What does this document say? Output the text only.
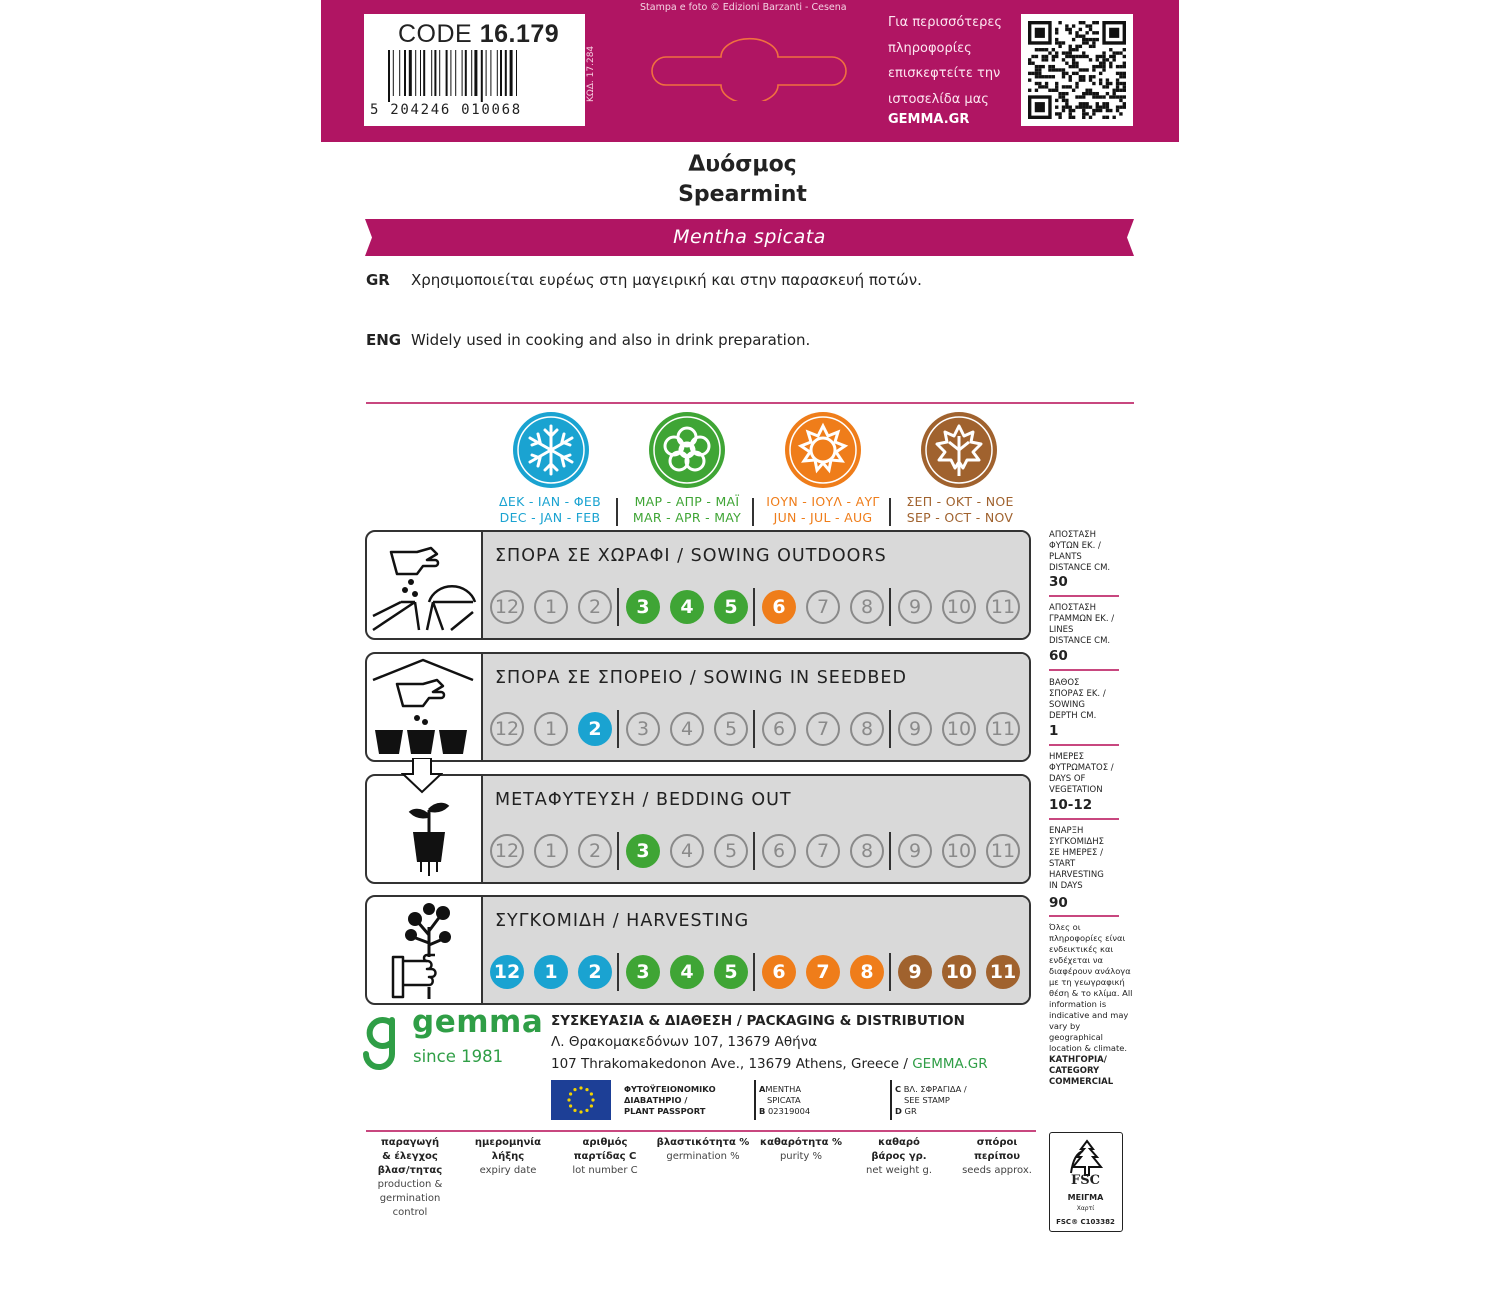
CODE 16.179
5 204246 010068
ΚΩΔ. 17.284
Stampa e foto © Edizioni Barzanti - Cesena
Για περισσότερες
πληροφορίες
επισκεφτείτε την
ιστοσελίδα μας
GEMMA.GR
Δυόσμος
Spearmint
Mentha spicata
GR Χρησιμοποιείται ευρέως στη μαγειρική και στην παρασκευή ποτών.
ENG Widely used in cooking and also in drink preparation.
ΔΕΚ - ΙΑΝ - ΦΕΒ
DEC - JAN - FEB
ΜΑΡ - ΑΠΡ - ΜΑΪ
MAR - APR - MAY
ΙΟΥΝ - ΙΟΥΛ - ΑΥΓ
JUN - JUL - AUG
ΣΕΠ - ΟΚΤ - ΝΟΕ
SEP - OCT - NOV
ΣΠΟΡΑ ΣΕ ΧΩΡΑΦΙ / SOWING OUTDOORS
ΣΠΟΡΑ ΣΕ ΣΠΟΡΕΙΟ / SOWING IN SEEDBED
ΜΕΤΑΦΥΤΕΥΣΗ / BEDDING OUT
ΣΥΓΚΟΜΙΔΗ / HARVESTING
12	1	2	3	4	5	6	7	8	9	10 11
12	1	2	3	4	5	6	7	8	9	10 11
12	1	2	3	4	5	6	7	8	9	10 11
12	1	2	3	4	5	6	7	8	9	10 11
ΑΠΟΣΤΑΣΗ
ΦΥΤΩΝ ΕΚ. /
PLANTS
DISTANCE CM.
30
ΑΠΟΣΤΑΣΗ
ΓΡΑΜΜΩΝ ΕΚ. /
LINES
DISTANCE CM.
60
ΒΑΘΟΣ
ΣΠΟΡΑΣ ΕΚ. /
SOWING
DEPTH CM.
1
ΗΜΕΡΕΣ
ΦΥΤΡΩΜΑΤΟΣ /
DAYS OF
VEGETATION
10-12
ΕΝΑΡΞΗ
ΣΥΓΚΟΜΙΔΗΣ
ΣΕ ΗΜΕΡΕΣ /
START
HARVESTING
IN DAYS
90
Όλες οι πληροφορίες είναι ενδεικτικές και ενδέχεται να διαφέρουν ανάλογα με τη γεωγραφική θέση & το κλίμα. All information is indicative and may vary by geographical location & climate.
ΚΑΤΗΓΟΡΙΑ/
CATEGORY
COMMERCIAL
gemma
since 1981
ΣΥΣΚΕΥΑΣΙΑ & ΔΙΑΘΕΣΗ / PACKAGING & DISTRIBUTION
Λ. Θρακομακεδόνων 107, 13679 Αθήνα
107 Thrakomakedonon Ave., 13679 Athens, Greece / GEMMA.GR
ΦΥΤΟΫΓΕΙΟΝΟΜΙΚΟ
ΔΙΑΒΑΤΗΡΙΟ /
PLANT PASSPORT
AMENTHA
SPICATA
B 02319004
C ΒΛ. ΣΦΡΑΓΙΔΑ /
SEE STAMP
D GR
παραγωγή
& έλεγχος
βλασ/τητας
production &
germination
control
ημερομηνία
λήξης
expiry date
αριθμός
παρτίδας C
lot number C
βλαστικότητα %
germination %
καθαρότητα %
purity %
καθαρό
βάρος γρ.
net weight g.
σπόροι
περίπου
seeds approx.
FSC
ΜΕΙΓΜΑ
Χαρτί
FSC® C103382
